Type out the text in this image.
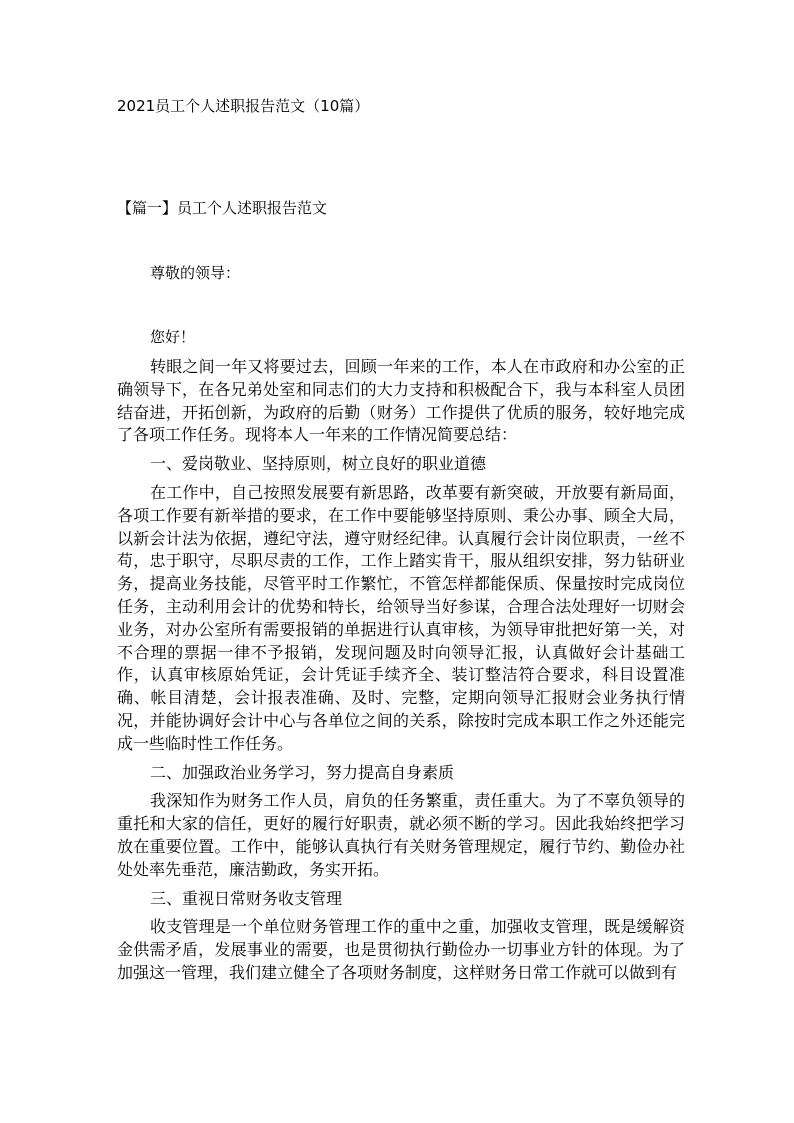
2021员工个人述职报告范文（10篇）
【篇一】员工个人述职报告范文
尊敬的领导：
您好！

转眼之间一年又将要过去，回顾一年来的工作，本人在市政府和办公室的正确领导下，在各兄弟处室和同志们的大力支持和积极配合下，我与本科室人员团结奋进，开拓创新，为政府的后勤（财务）工作提供了优质的服务，较好地完成了各项工作任务。现将本人一年来的工作情况简要总结：

一、爱岗敬业、坚持原则，树立良好的职业道德

在工作中，自己按照发展要有新思路，改革要有新突破，开放要有新局面，各项工作要有新举措的要求，在工作中要能够坚持原则、秉公办事、顾全大局，以新会计法为依据，遵纪守法，遵守财经纪律。认真履行会计岗位职责，一丝不苟，忠于职守，尽职尽责的工作，工作上踏实肯干，服从组织安排，努力钻研业务，提高业务技能，尽管平时工作繁忙，不管怎样都能保质、保量按时完成岗位任务，主动利用会计的优势和特长，给领导当好参谋，合理合法处理好一切财会业务，对办公室所有需要报销的单据进行认真审核，为领导审批把好第一关，对不合理的票据一律不予报销，发现问题及时向领导汇报，认真做好会计基础工作，认真审核原始凭证，会计凭证手续齐全、装订整洁符合要求，科目设置准确、帐目清楚，会计报表准确、及时、完整，定期向领导汇报财会业务执行情况，并能协调好会计中心与各单位之间的关系，除按时完成本职工作之外还能完成一些临时性工作任务。

二、加强政治业务学习，努力提高自身素质

我深知作为财务工作人员，肩负的任务繁重，责任重大。为了不辜负领导的重托和大家的信任，更好的履行好职责，就必须不断的学习。因此我始终把学习放在重要位置。工作中，能够认真执行有关财务管理规定，履行节约、勤俭办社处处率先垂范，廉洁勤政，务实开拓。

三、重视日常财务收支管理

收支管理是一个单位财务管理工作的重中之重，加强收支管理，既是缓解资金供需矛盾，发展事业的需要，也是贯彻执行勤俭办一切事业方针的体现。为了加强这一管理，我们建立健全了各项财务制度，这样财务日常工作就可以做到有
